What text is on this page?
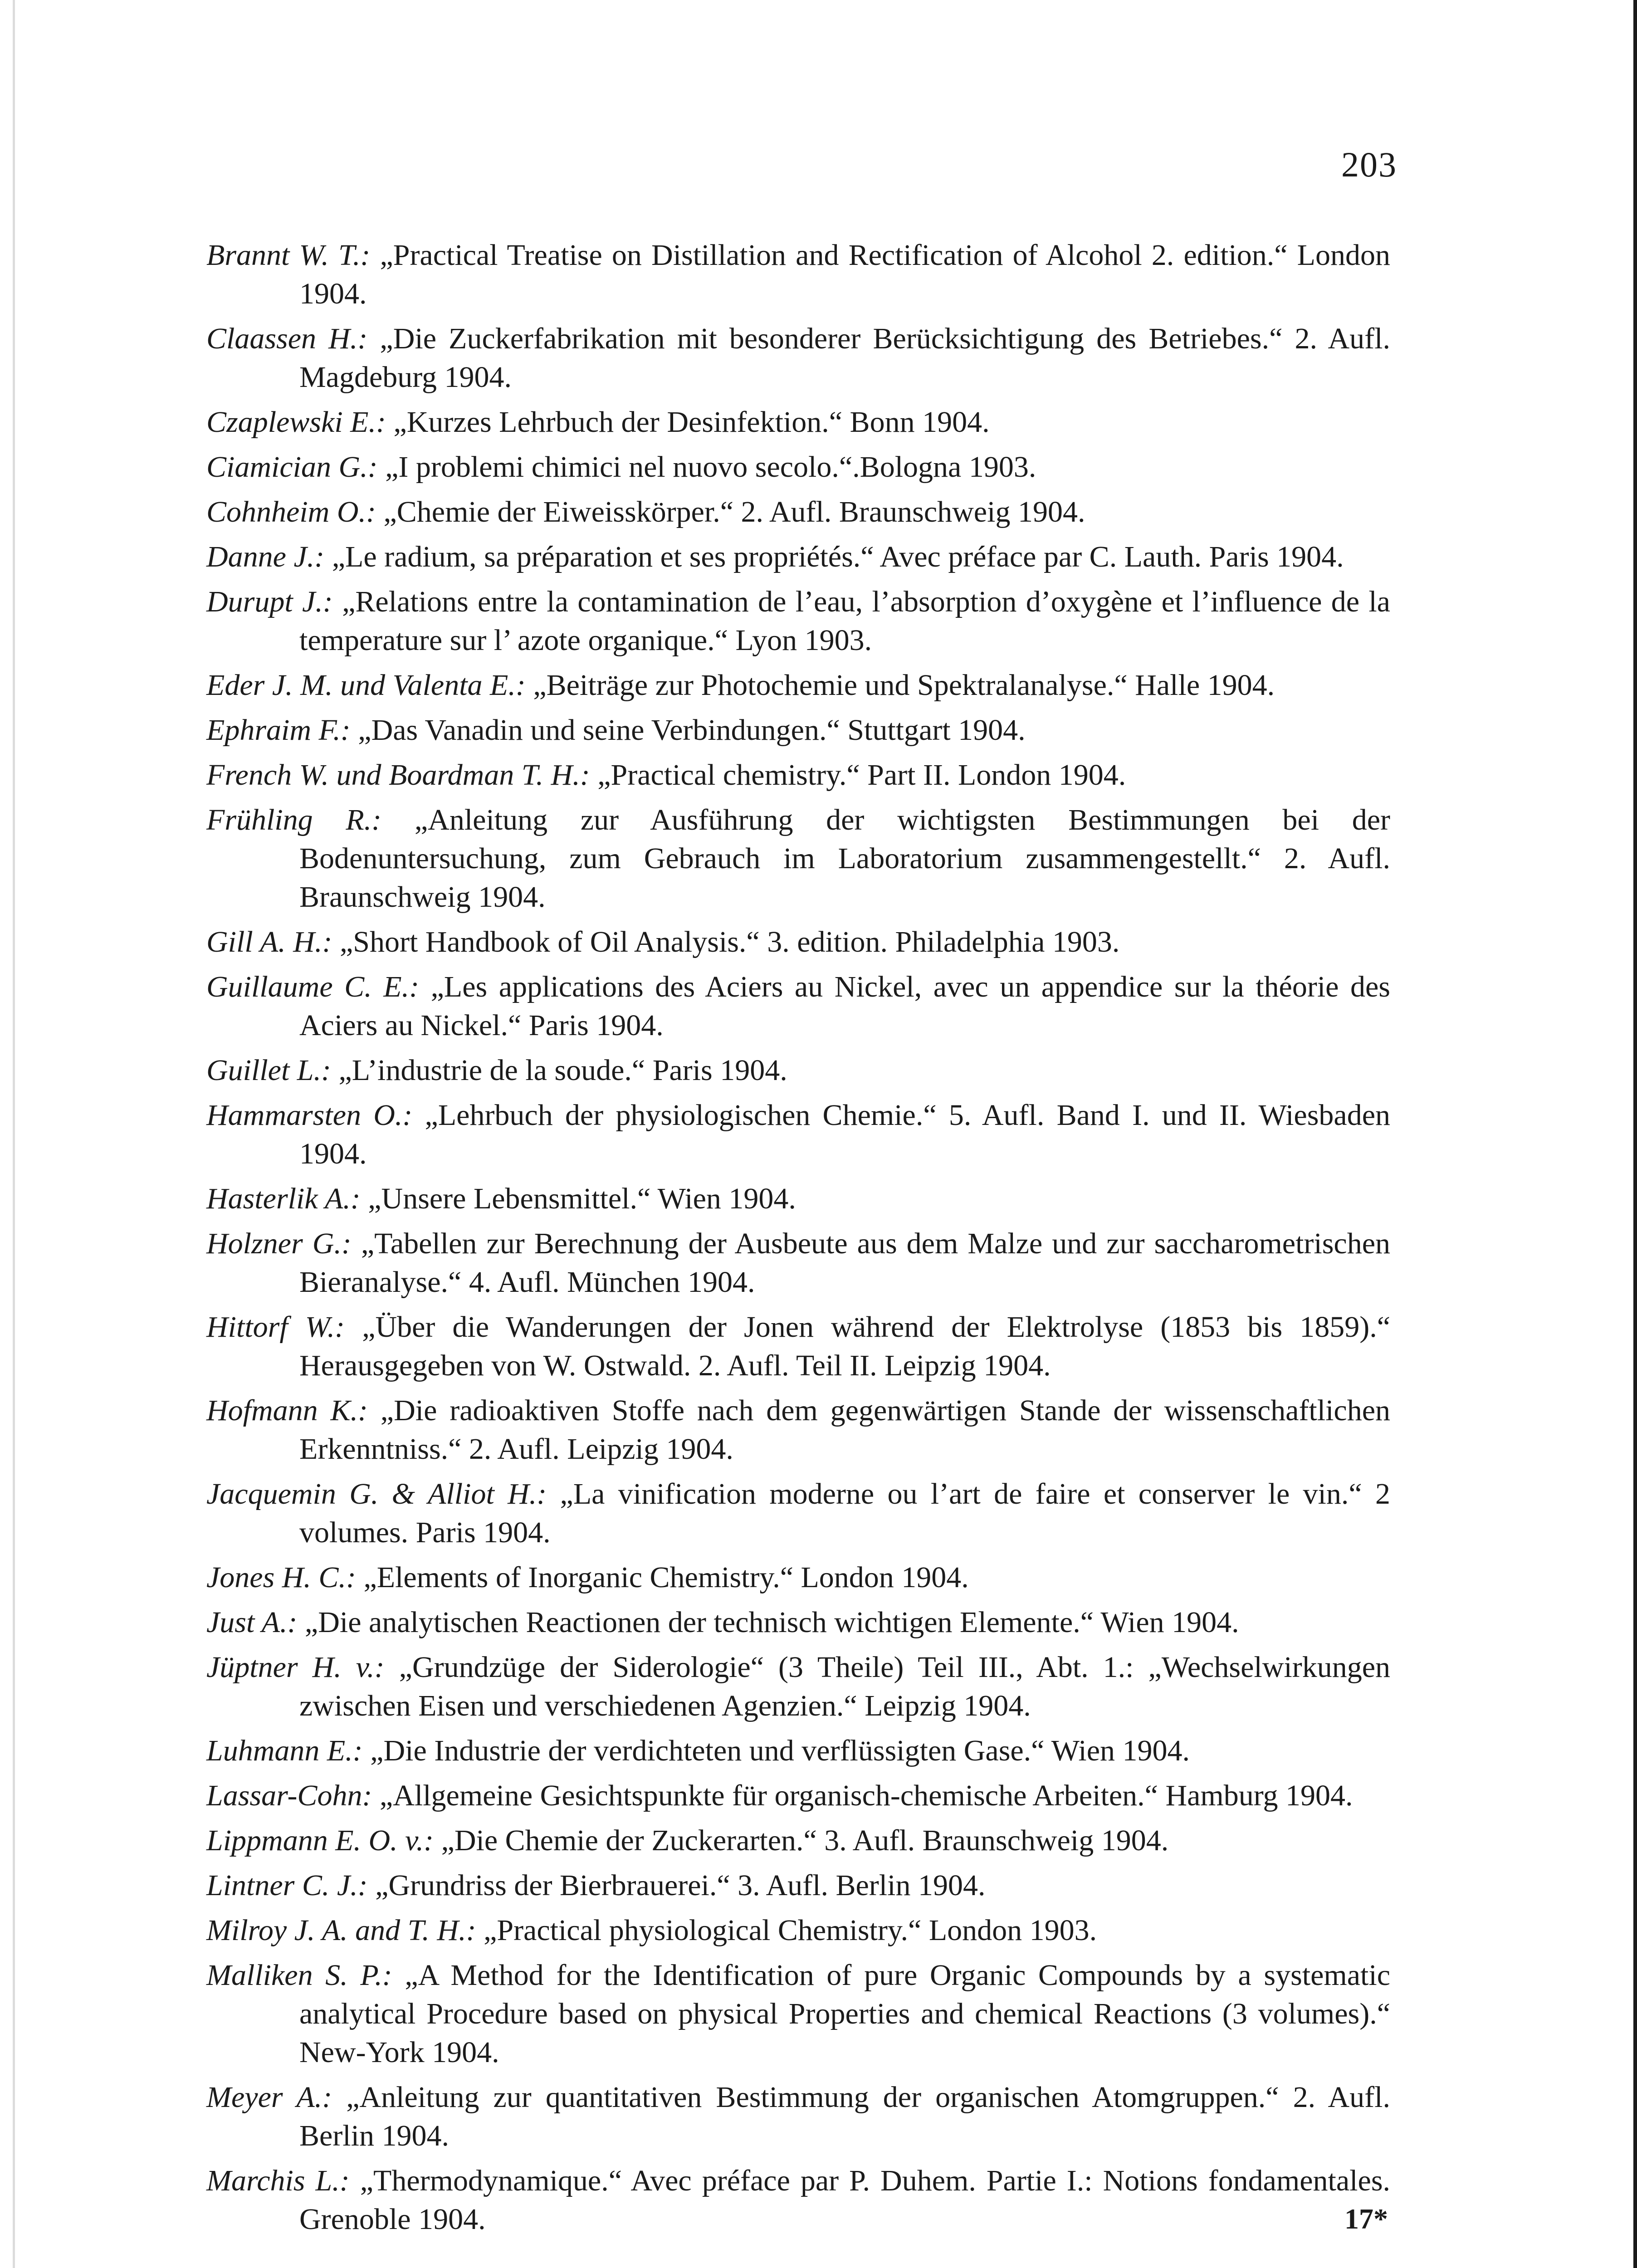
203

Brannt W. T.: „Practical Treatise on Distillation and Rectification of Alcohol 2. edition.“ London 1904.

Claassen H.: „Die Zuckerfabrikation mit besonderer Berücksichtigung des Betriebes.“ 2. Aufl. Magdeburg 1904.

Czaplewski E.: „Kurzes Lehrbuch der Desinfektion.“ Bonn 1904.

Ciamician G.: „I problemi chimici nel nuovo secolo.“.Bologna 1903.

Cohnheim O.: „Chemie der Eiweisskörper.“ 2. Aufl. Braunschweig 1904.

Danne J.: „Le radium, sa préparation et ses propriétés.“ Avec préface par C. Lauth. Paris 1904.

Durupt J.: „Relations entre la contamination de l’eau, l’absorption d’oxygène et l’influence de la temperature sur l’ azote organique.“ Lyon 1903.

Eder J. M. und Valenta E.: „Beiträge zur Photochemie und Spektralanalyse.“ Halle 1904.

Ephraim F.: „Das Vanadin und seine Verbindungen.“ Stuttgart 1904.

French W. und Boardman T. H.: „Practical chemistry.“ Part II. London 1904.

Frühling R.: „Anleitung zur Ausführung der wichtigsten Bestimmungen bei der Bodenuntersuchung, zum Gebrauch im Laboratorium zusammengestellt.“ 2. Aufl. Braunschweig 1904.

Gill A. H.: „Short Handbook of Oil Analysis.“ 3. edition. Philadelphia 1903.

Guillaume C. E.: „Les applications des Aciers au Nickel, avec un appendice sur la théorie des Aciers au Nickel.“ Paris 1904.

Guillet L.: „L’industrie de la soude.“ Paris 1904.

Hammarsten O.: „Lehrbuch der physiologischen Chemie.“ 5. Aufl. Band I. und II. Wiesbaden 1904.

Hasterlik A.: „Unsere Lebensmittel.“ Wien 1904.

Holzner G.: „Tabellen zur Berechnung der Ausbeute aus dem Malze und zur saccharometrischen Bieranalyse.“ 4. Aufl. München 1904.

Hittorf W.: „Über die Wanderungen der Jonen während der Elektrolyse (1853 bis 1859).“ Herausgegeben von W. Ostwald. 2. Aufl. Teil II. Leipzig 1904.

Hofmann K.: „Die radioaktiven Stoffe nach dem gegenwärtigen Stande der wissenschaftlichen Erkenntniss.“ 2. Aufl. Leipzig 1904.

Jacquemin G. & Alliot H.: „La vinification moderne ou l’art de faire et conserver le vin.“ 2 volumes. Paris 1904.

Jones H. C.: „Elements of Inorganic Chemistry.“ London 1904.

Just A.: „Die analytischen Reactionen der technisch wichtigen Elemente.“ Wien 1904.

Jüptner H. v.: „Grundzüge der Siderologie“ (3 Theile) Teil III., Abt. 1.: „Wechselwirkungen zwischen Eisen und verschiedenen Agenzien.“ Leipzig 1904.

Luhmann E.: „Die Industrie der verdichteten und verflüssigten Gase.“ Wien 1904.

Lassar-Cohn: „Allgemeine Gesichtspunkte für organisch-chemische Arbeiten.“ Hamburg 1904.

Lippmann E. O. v.: „Die Chemie der Zuckerarten.“ 3. Aufl. Braunschweig 1904.

Lintner C. J.: „Grundriss der Bierbrauerei.“ 3. Aufl. Berlin 1904.

Milroy J. A. and T. H.: „Practical physiological Chemistry.“ London 1903.

Malliken S. P.: „A Method for the Identification of pure Organic Compounds by a systematic analytical Procedure based on physical Properties and chemical Reactions (3 volumes).“ New-York 1904.

Meyer A.: „Anleitung zur quantitativen Bestimmung der organischen Atomgruppen.“ 2. Aufl. Berlin 1904.

Marchis L.: „Thermodynamique.“ Avec préface par P. Duhem. Partie I.: Notions fondamentales. Grenoble 1904.	17*
